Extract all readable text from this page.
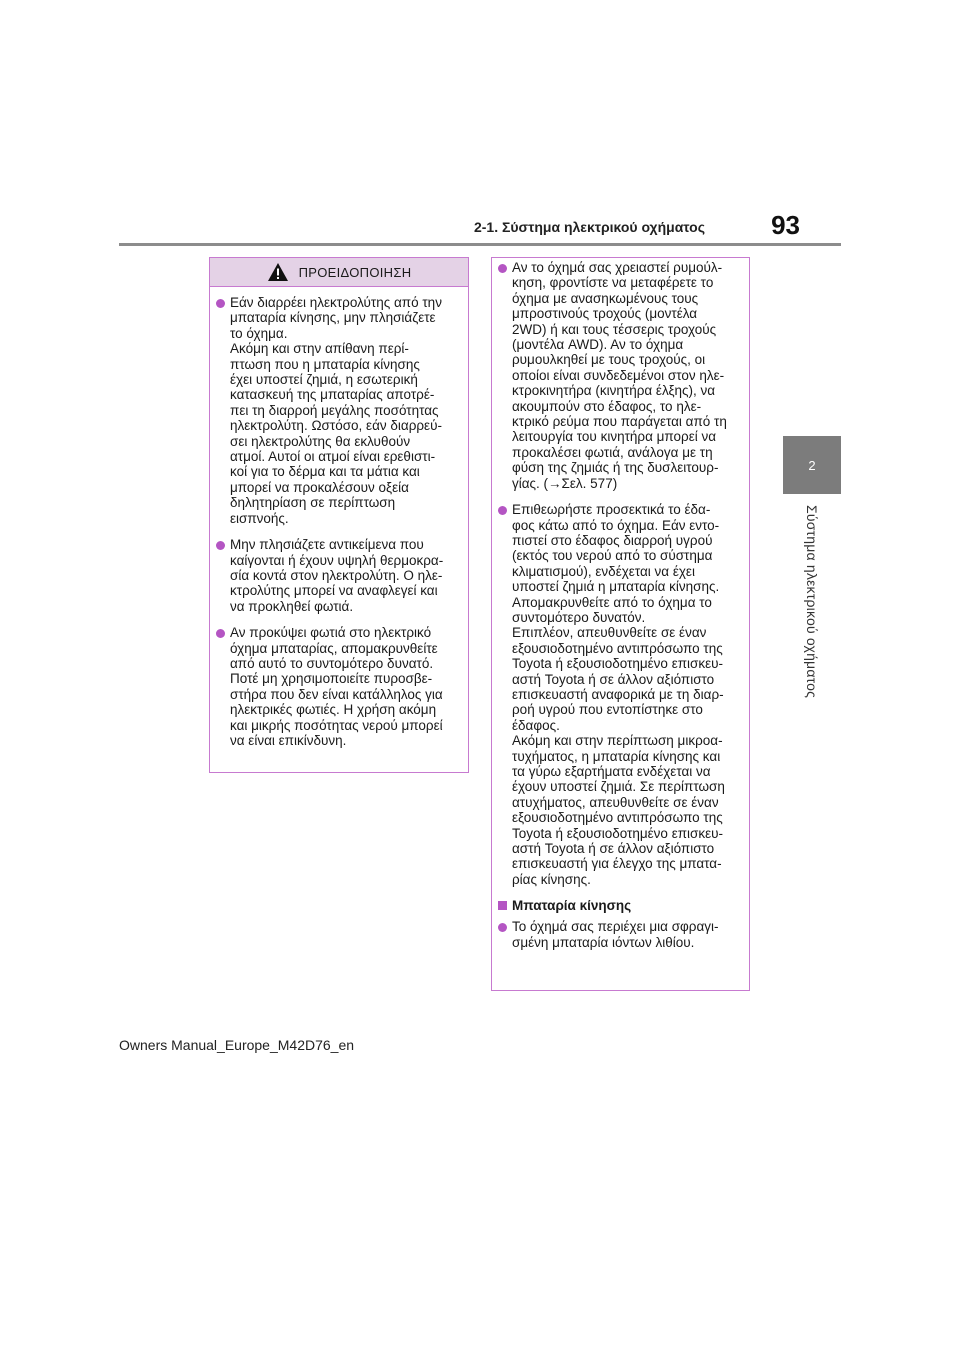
2-1. Σύστημα ηλεκτρικού οχήματος	93
2
Σύστημα ηλεκτρικού οχήματος
ΠΡΟΕΙΔΟΠΟΙΗΣΗ
Εάν διαρρέει ηλεκτρολύτης από την
μπαταρία κίνησης, μην πλησιάζετε
το όχημα.
Ακόμη και στην απίθανη περί-
πτωση που η μπαταρία κίνησης
έχει υποστεί ζημιά, η εσωτερική
κατασκευή της μπαταρίας αποτρέ-
πει τη διαρροή μεγάλης ποσότητας
ηλεκτρολύτη. Ωστόσο, εάν διαρρεύ-
σει ηλεκτρολύτης θα εκλυθούν
ατμοί. Αυτοί οι ατμοί είναι ερεθιστι-
κοί για το δέρμα και τα μάτια και
μπορεί να προκαλέσουν οξεία
δηλητηρίαση σε περίπτωση
εισπνοής.
Μην πλησιάζετε αντικείμενα που
καίγονται ή έχουν υψηλή θερμοκρα-
σία κοντά στον ηλεκτρολύτη. Ο ηλε-
κτρολύτης μπορεί να αναφλεγεί και
να προκληθεί φωτιά.
Αν προκύψει φωτιά στο ηλεκτρικό
όχημα μπαταρίας, απομακρυνθείτε
από αυτό το συντομότερο δυνατό.
Ποτέ μη χρησιμοποιείτε πυροσβε-
στήρα που δεν είναι κατάλληλος για
ηλεκτρικές φωτιές. Η χρήση ακόμη
και μικρής ποσότητας νερού μπορεί
να είναι επικίνδυνη.
Αν το όχημά σας χρειαστεί ρυμούλ-
κηση, φροντίστε να μεταφέρετε το
όχημα με ανασηκωμένους τους
μπροστινούς τροχούς (μοντέλα
2WD) ή και τους τέσσερις τροχούς
(μοντέλα AWD). Αν το όχημα
ρυμουλκηθεί με τους τροχούς, οι
οποίοι είναι συνδεδεμένοι στον ηλε-
κτροκινητήρα (κινητήρα έλξης), να
ακουμπούν στο έδαφος, το ηλε-
κτρικό ρεύμα που παράγεται από τη
λειτουργία του κινητήρα μπορεί να
προκαλέσει φωτιά, ανάλογα με τη
φύση της ζημιάς ή της δυσλειτουρ-
γίας. (→Σελ. 577)
Επιθεωρήστε προσεκτικά το έδα-
φος κάτω από το όχημα. Εάν εντο-
πιστεί στο έδαφος διαρροή υγρού
(εκτός του νερού από το σύστημα
κλιματισμού), ενδέχεται να έχει
υποστεί ζημιά η μπαταρία κίνησης.
Απομακρυνθείτε από το όχημα το
συντομότερο δυνατόν.
Επιπλέον, απευθυνθείτε σε έναν
εξουσιοδοτημένο αντιπρόσωπο της
Toyota ή εξουσιοδοτημένο επισκευ-
αστή Toyota ή σε άλλον αξιόπιστο
επισκευαστή αναφορικά με τη διαρ-
ροή υγρού που εντοπίστηκε στο
έδαφος.
Ακόμη και στην περίπτωση μικροα-
τυχήματος, η μπαταρία κίνησης και
τα γύρω εξαρτήματα ενδέχεται να
έχουν υποστεί ζημιά. Σε περίπτωση
ατυχήματος, απευθυνθείτε σε έναν
εξουσιοδοτημένο αντιπρόσωπο της
Toyota ή εξουσιοδοτημένο επισκευ-
αστή Toyota ή σε άλλον αξιόπιστο
επισκευαστή για έλεγχο της μπατα-
ρίας κίνησης.
Μπαταρία κίνησης
Το όχημά σας περιέχει μια σφραγι-
σμένη μπαταρία ιόντων λιθίου.
Owners Manual_Europe_M42D76_en
